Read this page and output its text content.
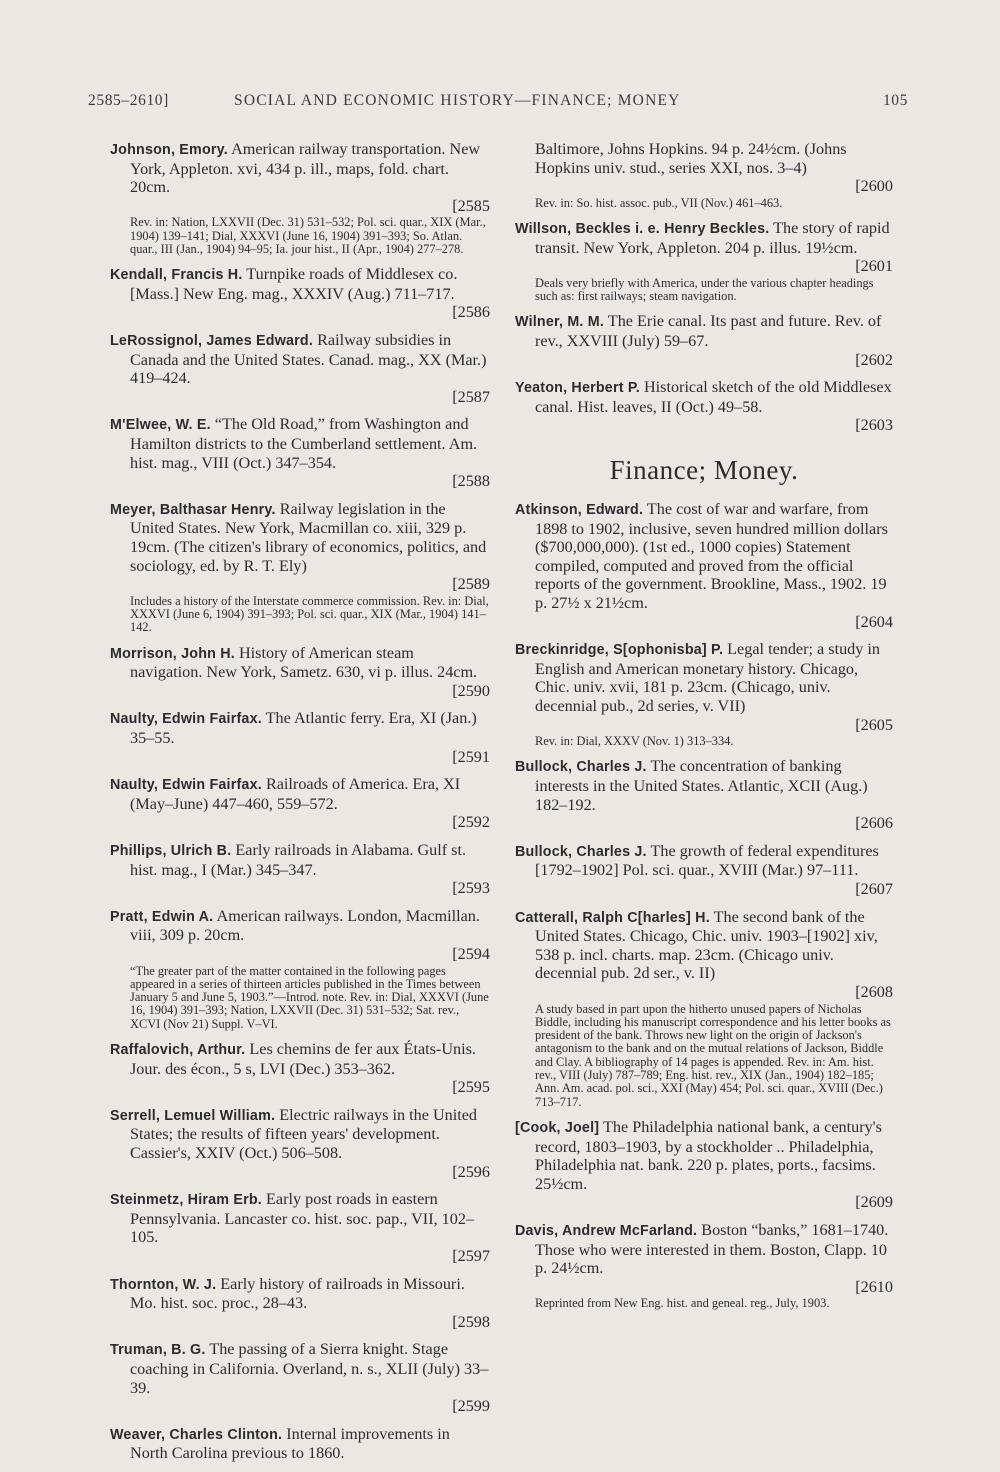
2585–2610]	SOCIAL AND ECONOMIC HISTORY—FINANCE; MONEY	105
Johnson, Emory. American railway transportation. New York, Appleton. xvi, 434 p. ill., maps, fold. chart. 20cm.
[2585
Rev. in: Nation, LXXVII (Dec. 31) 531–532; Pol. sci. quar., XIX (Mar., 1904) 139–141; Dial, XXXVI (June 16, 1904) 391–393; So. Atlan. quar., III (Jan., 1904) 94–95; Ia. jour hist., II (Apr., 1904) 277–278.
Kendall, Francis H. Turnpike roads of Middlesex co. [Mass.] New Eng. mag., XXXIV (Aug.) 711–717.
[2586
LeRossignol, James Edward. Railway subsidies in Canada and the United States. Canad. mag., XX (Mar.) 419–424.
[2587
M'Elwee, W. E. “The Old Road,” from Washington and Hamilton districts to the Cumberland settlement. Am. hist. mag., VIII (Oct.) 347–354.
[2588
Meyer, Balthasar Henry. Railway legislation in the United States. New York, Macmillan co. xiii, 329 p. 19cm. (The citizen's library of economics, politics, and sociology, ed. by R. T. Ely)
[2589
Includes a history of the Interstate commerce commission. Rev. in: Dial, XXXVI (June 6, 1904) 391–393; Pol. sci. quar., XIX (Mar., 1904) 141–142.
Morrison, John H. History of American steam navigation. New York, Sametz. 630, vi p. illus. 24cm.
[2590
Naulty, Edwin Fairfax. The Atlantic ferry. Era, XI (Jan.) 35–55.
[2591
Naulty, Edwin Fairfax. Railroads of America. Era, XI (May–June) 447–460, 559–572.
[2592
Phillips, Ulrich B. Early railroads in Alabama. Gulf st. hist. mag., I (Mar.) 345–347.
[2593
Pratt, Edwin A. American railways. London, Macmillan. viii, 309 p. 20cm.
[2594
“The greater part of the matter contained in the following pages appeared in a series of thirteen articles published in the Times between January 5 and June 5, 1903.”—Introd. note. Rev. in: Dial, XXXVI (June 16, 1904) 391–393; Nation, LXXVII (Dec. 31) 531–532; Sat. rev., XCVI (Nov 21) Suppl. V–VI.
Raffalovich, Arthur. Les chemins de fer aux États-Unis. Jour. des écon., 5 s, LVI (Dec.) 353–362.
[2595
Serrell, Lemuel William. Electric railways in the United States; the results of fifteen years' development. Cassier's, XXIV (Oct.) 506–508.
[2596
Steinmetz, Hiram Erb. Early post roads in eastern Pennsylvania. Lancaster co. hist. soc. pap., VII, 102–105.
[2597
Thornton, W. J. Early history of railroads in Missouri. Mo. hist. soc. proc., 28–43.
[2598
Truman, B. G. The passing of a Sierra knight. Stage coaching in California. Overland, n. s., XLII (July) 33–39.
[2599
Weaver, Charles Clinton. Internal improvements in North Carolina previous to 1860.
Baltimore, Johns Hopkins. 94 p. 24½cm. (Johns Hopkins univ. stud., series XXI, nos. 3–4)
[2600
Rev. in: So. hist. assoc. pub., VII (Nov.) 461–463.
Willson, Beckles i. e. Henry Beckles. The story of rapid transit. New York, Appleton. 204 p. illus. 19½cm.
[2601
Deals very briefly with America, under the various chapter headings such as: first railways; steam navigation.
Wilner, M. M. The Erie canal. Its past and future. Rev. of rev., XXVIII (July) 59–67.
[2602
Yeaton, Herbert P. Historical sketch of the old Middlesex canal. Hist. leaves, II (Oct.) 49–58.
[2603
Finance; Money.
Atkinson, Edward. The cost of war and warfare, from 1898 to 1902, inclusive, seven hundred million dollars ($700,000,000). (1st ed., 1000 copies) Statement compiled, computed and proved from the official reports of the government. Brookline, Mass., 1902. 19 p. 27½ x 21½cm.
[2604
Breckinridge, S[ophonisba] P. Legal tender; a study in English and American monetary history. Chicago, Chic. univ. xvii, 181 p. 23cm. (Chicago, univ. decennial pub., 2d series, v. VII)
[2605
Rev. in: Dial, XXXV (Nov. 1) 313–334.
Bullock, Charles J. The concentration of banking interests in the United States. Atlantic, XCII (Aug.) 182–192.
[2606
Bullock, Charles J. The growth of federal expenditures [1792–1902] Pol. sci. quar., XVIII (Mar.) 97–111.
[2607
Catterall, Ralph C[harles] H. The second bank of the United States. Chicago, Chic. univ. 1903–[1902] xiv, 538 p. incl. charts. map. 23cm. (Chicago univ. decennial pub. 2d ser., v. II)
[2608
A study based in part upon the hitherto unused papers of Nicholas Biddle, including his manuscript correspondence and his letter books as president of the bank. Throws new light on the origin of Jackson's antagonism to the bank and on the mutual relations of Jackson, Biddle and Clay. A bibliography of 14 pages is appended. Rev. in: Am. hist. rev., VIII (July) 787–789; Eng. hist. rev., XIX (Jan., 1904) 182–185; Ann. Am. acad. pol. sci., XXI (May) 454; Pol. sci. quar., XVIII (Dec.) 713–717.
[Cook, Joel] The Philadelphia national bank, a century's record, 1803–1903, by a stockholder .. Philadelphia, Philadelphia nat. bank. 220 p. plates, ports., facsims. 25½cm.
[2609
Davis, Andrew McFarland. Boston “banks,” 1681–1740. Those who were interested in them. Boston, Clapp. 10 p. 24½cm.
[2610
Reprinted from New Eng. hist. and geneal. reg., July, 1903.
